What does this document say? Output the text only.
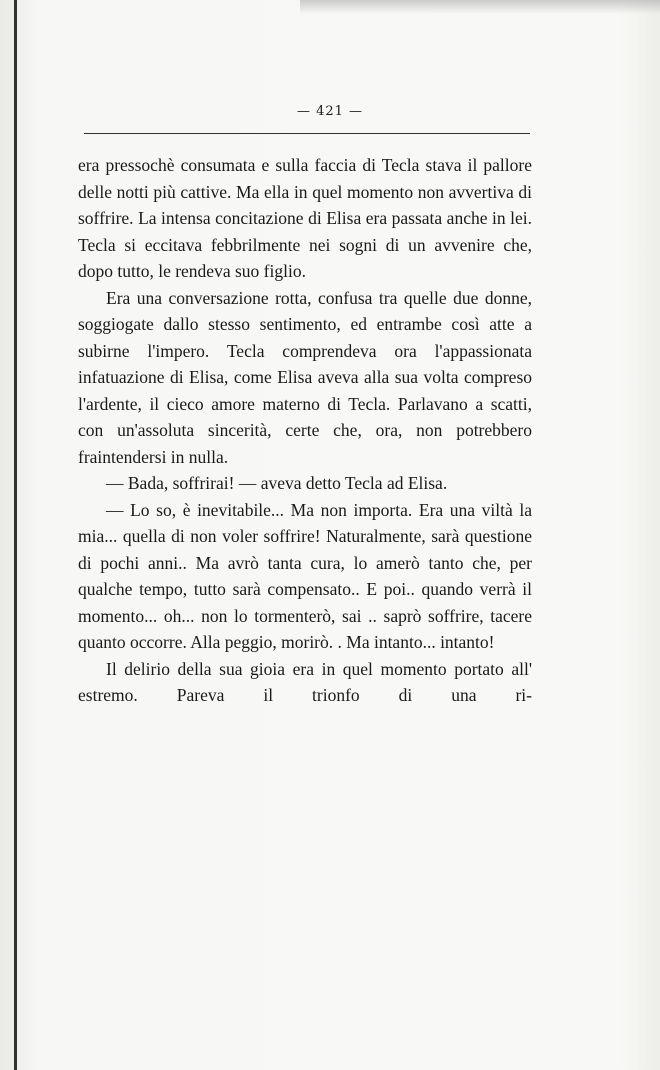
— 421 —

era pressochè consumata e sulla faccia di Tecla stava il pallore delle notti più cattive. Ma ella in quel momento non avvertiva di soffrire. La intensa concitazione di Elisa era passata anche in lei. Tecla si eccitava febbrilmente nei sogni di un avvenire che, dopo tutto, le rendeva suo figlio.

Era una conversazione rotta, confusa tra quelle due donne, soggiogate dallo stesso sentimento, ed entrambe così atte a subirne l'impero. Tecla comprendeva ora l'appassionata infatuazione di Elisa, come Elisa aveva alla sua volta compreso l'ardente, il cieco amore materno di Tecla. Parlavano a scatti, con un'assoluta sincerità, certe che, ora, non potrebbero fraintendersi in nulla.

— Bada, soffrirai! — aveva detto Tecla ad Elisa.

— Lo so, è inevitabile... Ma non importa. Era una viltà la mia... quella di non voler soffrire! Naturalmente, sarà questione di pochi anni.. Ma avrò tanta cura, lo amerò tanto che, per qualche tempo, tutto sarà compensato.. E poi.. quando verrà il momento... oh... non lo tormenterò, sai .. saprò soffrire, tacere quanto occorre. Alla peggio, morirò. . Ma intanto... intanto!

Il delirio della sua gioia era in quel momento portato all' estremo. Pareva il trionfo di una ri-
